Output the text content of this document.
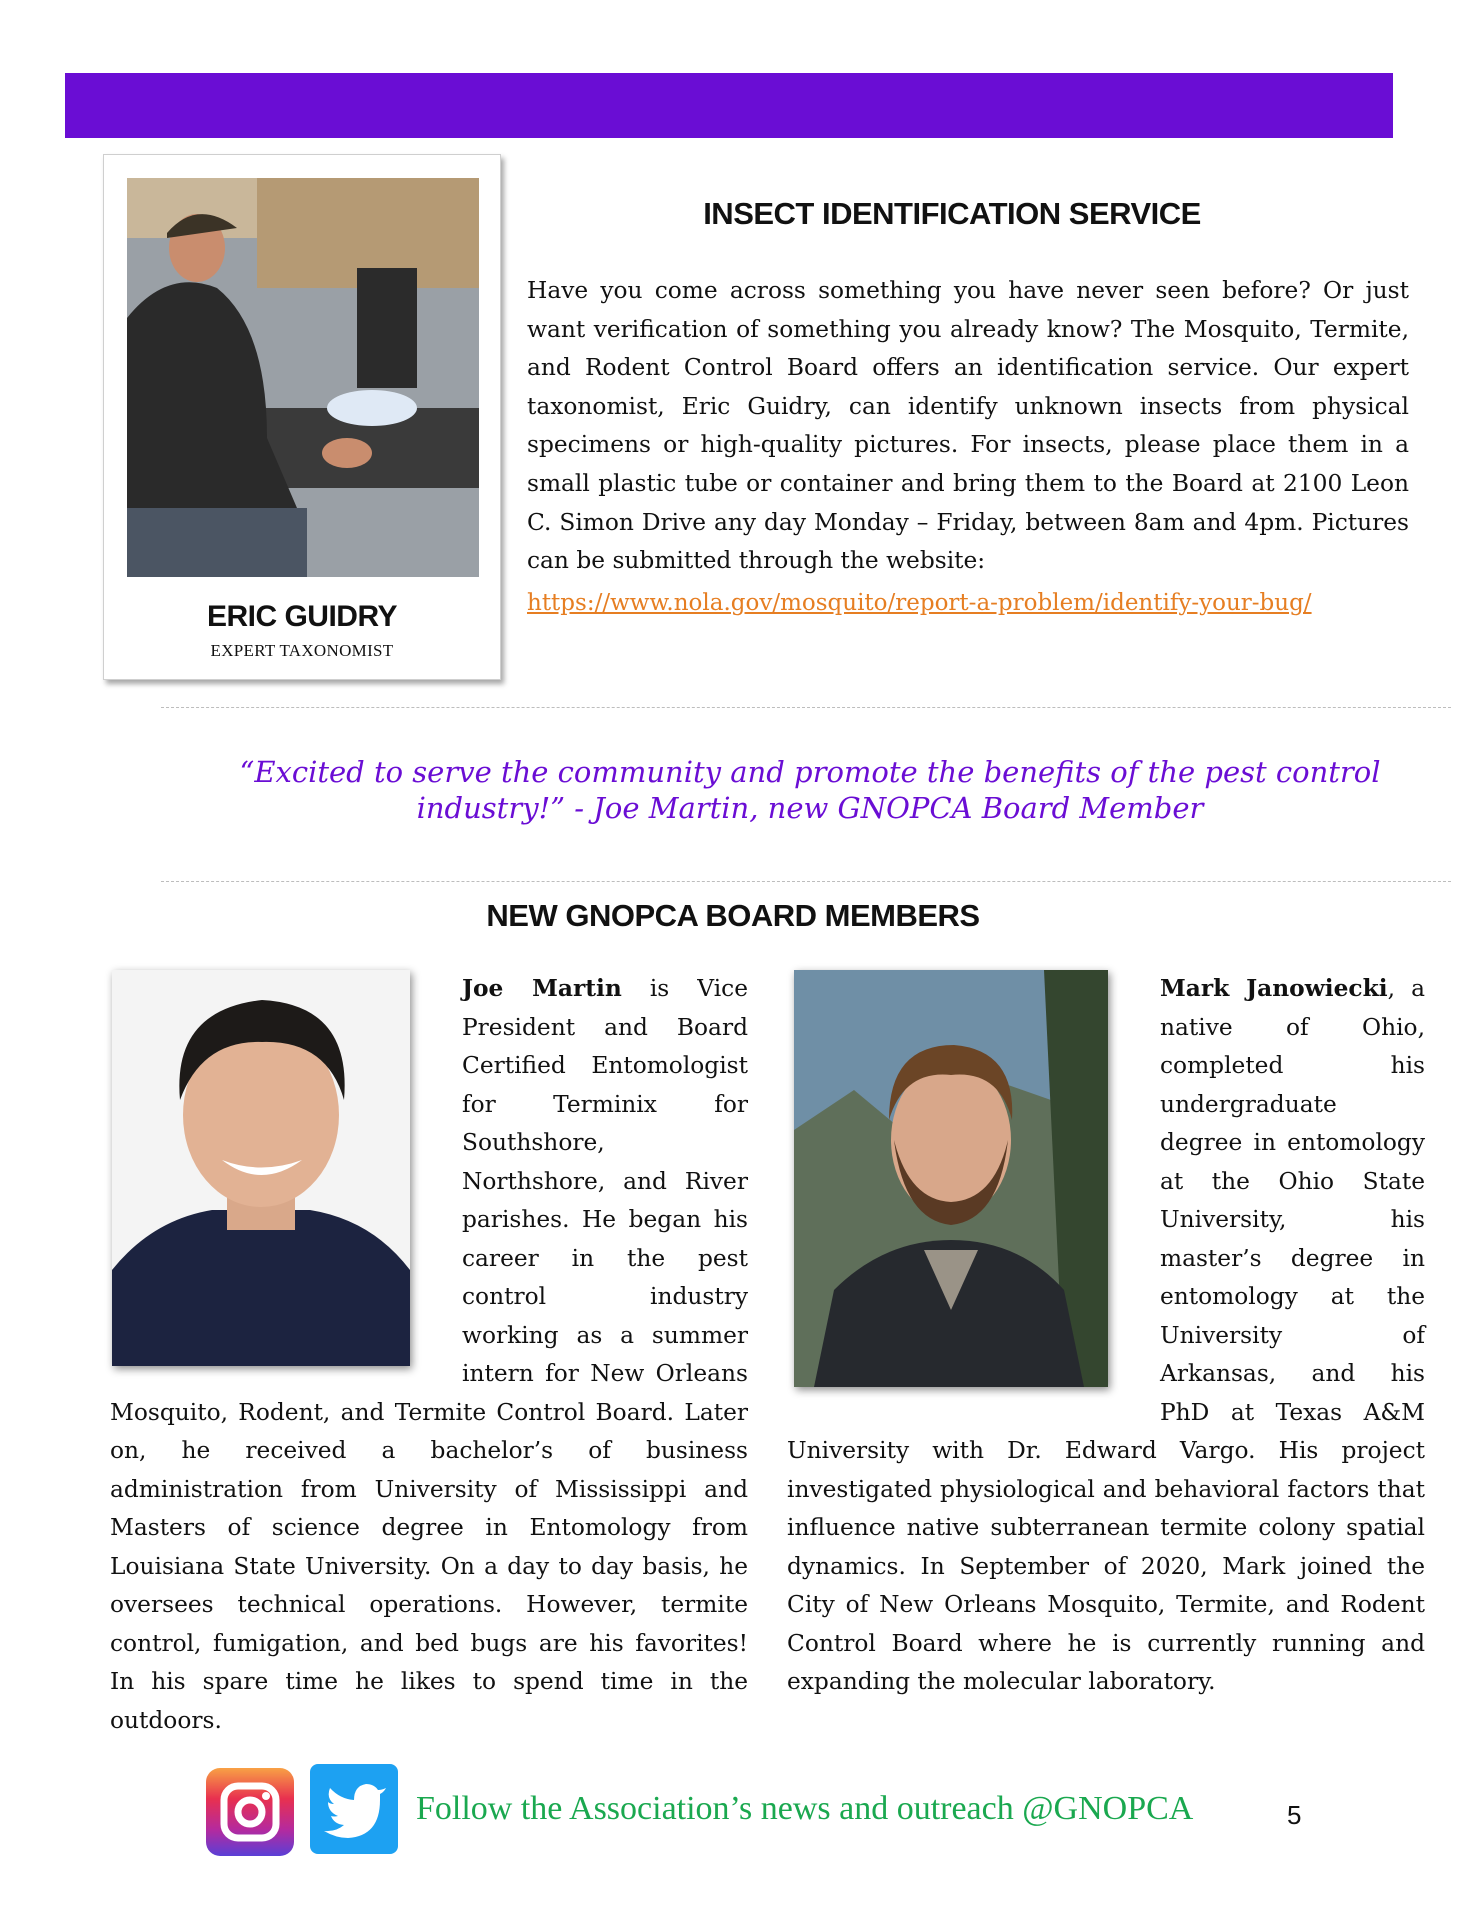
ERIC GUIDRY
EXPERT TAXONOMIST
INSECT IDENTIFICATION SERVICE
Have you come across something you have never seen before? Or just want verification of something you already know? The Mosquito, Termite, and Rodent Control Board offers an identification service. Our expert taxonomist, Eric Guidry, can identify unknown insects from physical specimens or high-quality pictures. For insects, please place them in a small plastic tube or container and bring them to the Board at 2100 Leon C. Simon Drive any day Monday – Friday, between 8am and 4pm. Pictures can be submitted through the website:
https://www.nola.gov/mosquito/report-a-problem/identify-your-bug/
“Excited to serve the community and promote the benefits of the pest control industry!” - Joe Martin, new GNOPCA Board Member
NEW GNOPCA BOARD MEMBERS

Joe Martin is Vice President and Board Certified Entomologist for Terminix for Southshore, Northshore, and River parishes. He began his career in the pest control industry working as a summer intern for New Orleans Mosquito, Rodent, and Termite Control Board. Later on, he received a bachelor’s of business administration from University of Mississippi and Masters of science degree in Entomology from Louisiana State University. On a day to day basis, he oversees technical operations. However, termite control, fumigation, and bed bugs are his favorites! In his spare time he likes to spend time in the outdoors.

Mark Janowiecki, a native of Ohio, completed his undergraduate degree in entomology at the Ohio State University, his master’s degree in entomology at the University of Arkansas, and his PhD at Texas A&M University with Dr. Edward Vargo. His project investigated physiological and behavioral factors that influence native subterranean termite colony spatial dynamics. In September of 2020, Mark joined the City of New Orleans Mosquito, Termite, and Rodent Control Board where he is currently running and expanding the molecular laboratory.

Follow the Association’s news and outreach @GNOPCA	5
